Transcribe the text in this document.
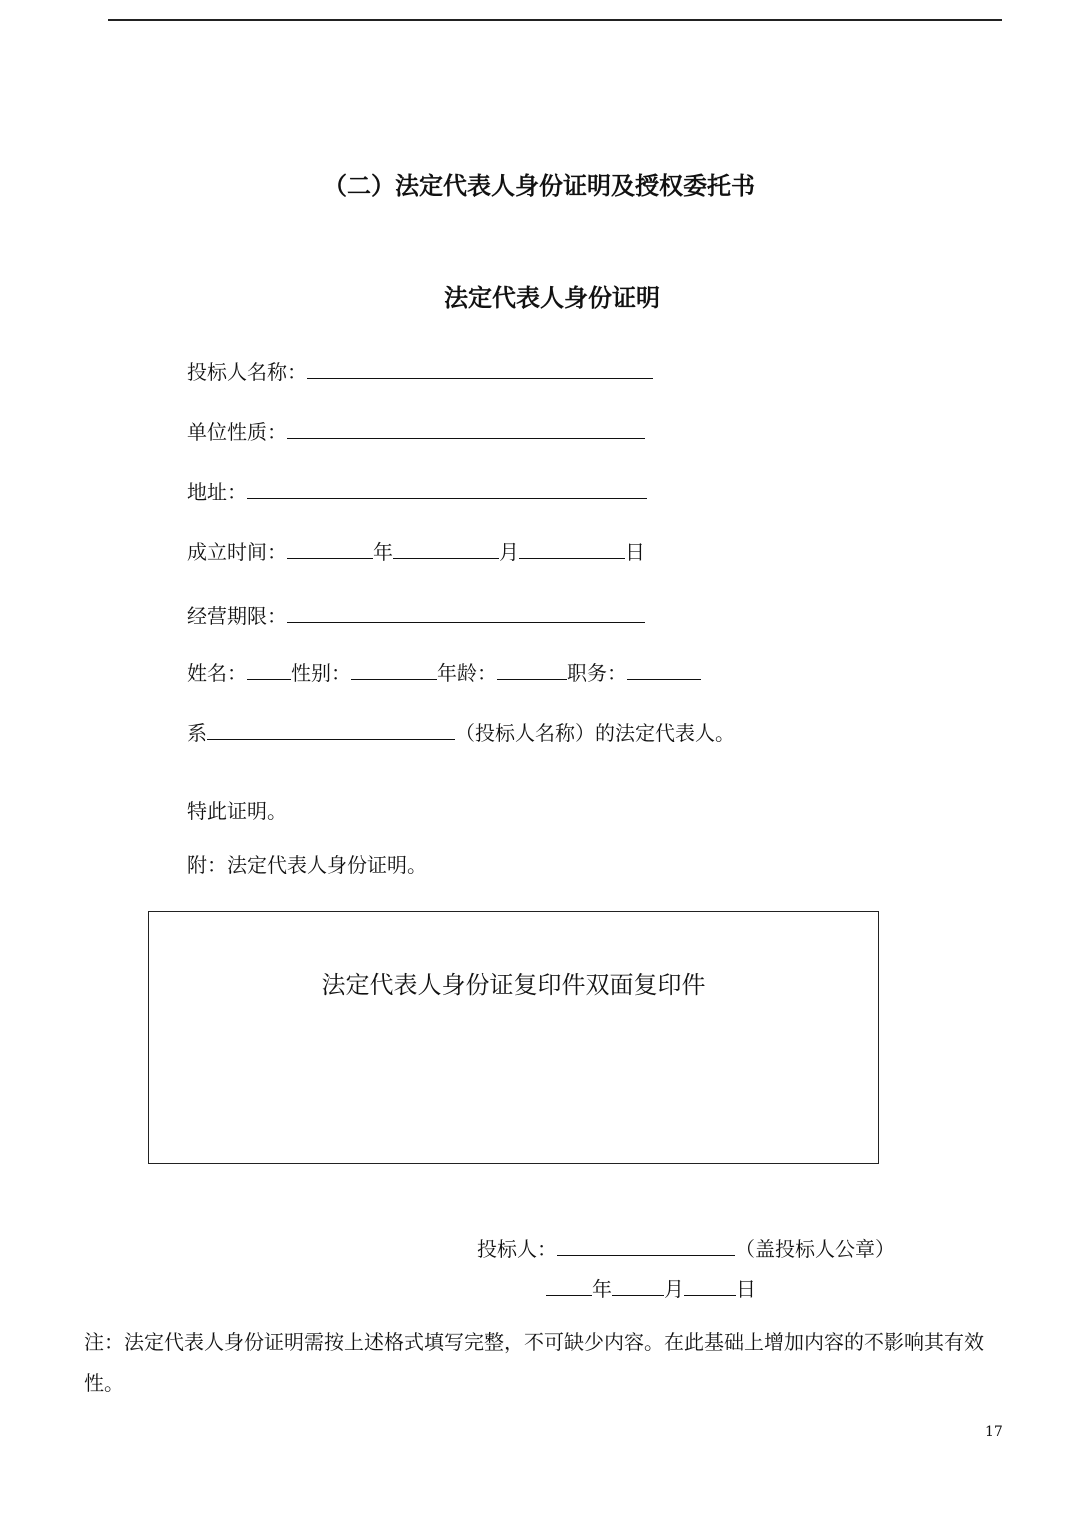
（二）法定代表人身份证明及授权委托书
法定代表人身份证明
投标人名称：
单位性质：
地址：
成立时间：	年	月	日
经营期限：
姓名： 性别：	年龄：	职务：
系	（投标人名称）的法定代表人。
特此证明。
附：法定代表人身份证明。
法定代表人身份证复印件双面复印件
投标人：	（盖投标人公章）
年	月	日
注：法定代表人身份证明需按上述格式填写完整，不可缺少内容。在此基础上增加内容的不影响其有效性。
17
